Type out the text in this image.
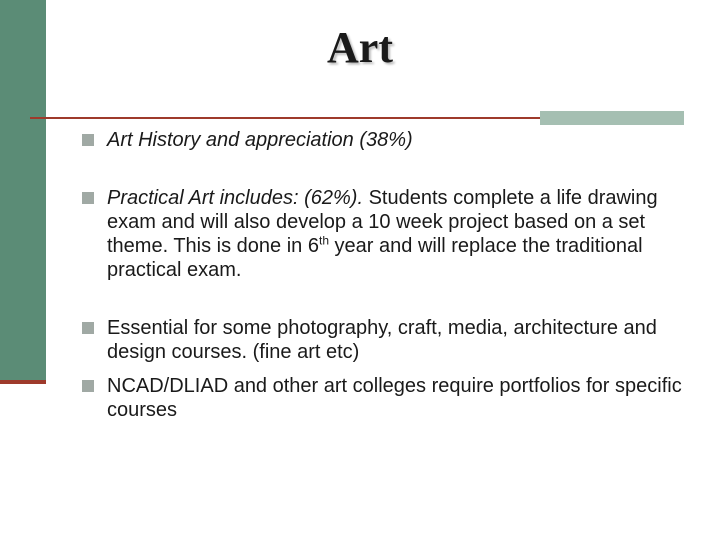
Art
Art History and appreciation (38%)
Practical Art includes: (62%). Students complete a life drawing exam and will also develop a 10 week project based on a set theme. This is done in 6th year and will replace the traditional practical exam.
Essential for some photography, craft, media, architecture and design courses. (fine art etc)
NCAD/DLIAD and other art colleges require portfolios for specific courses
